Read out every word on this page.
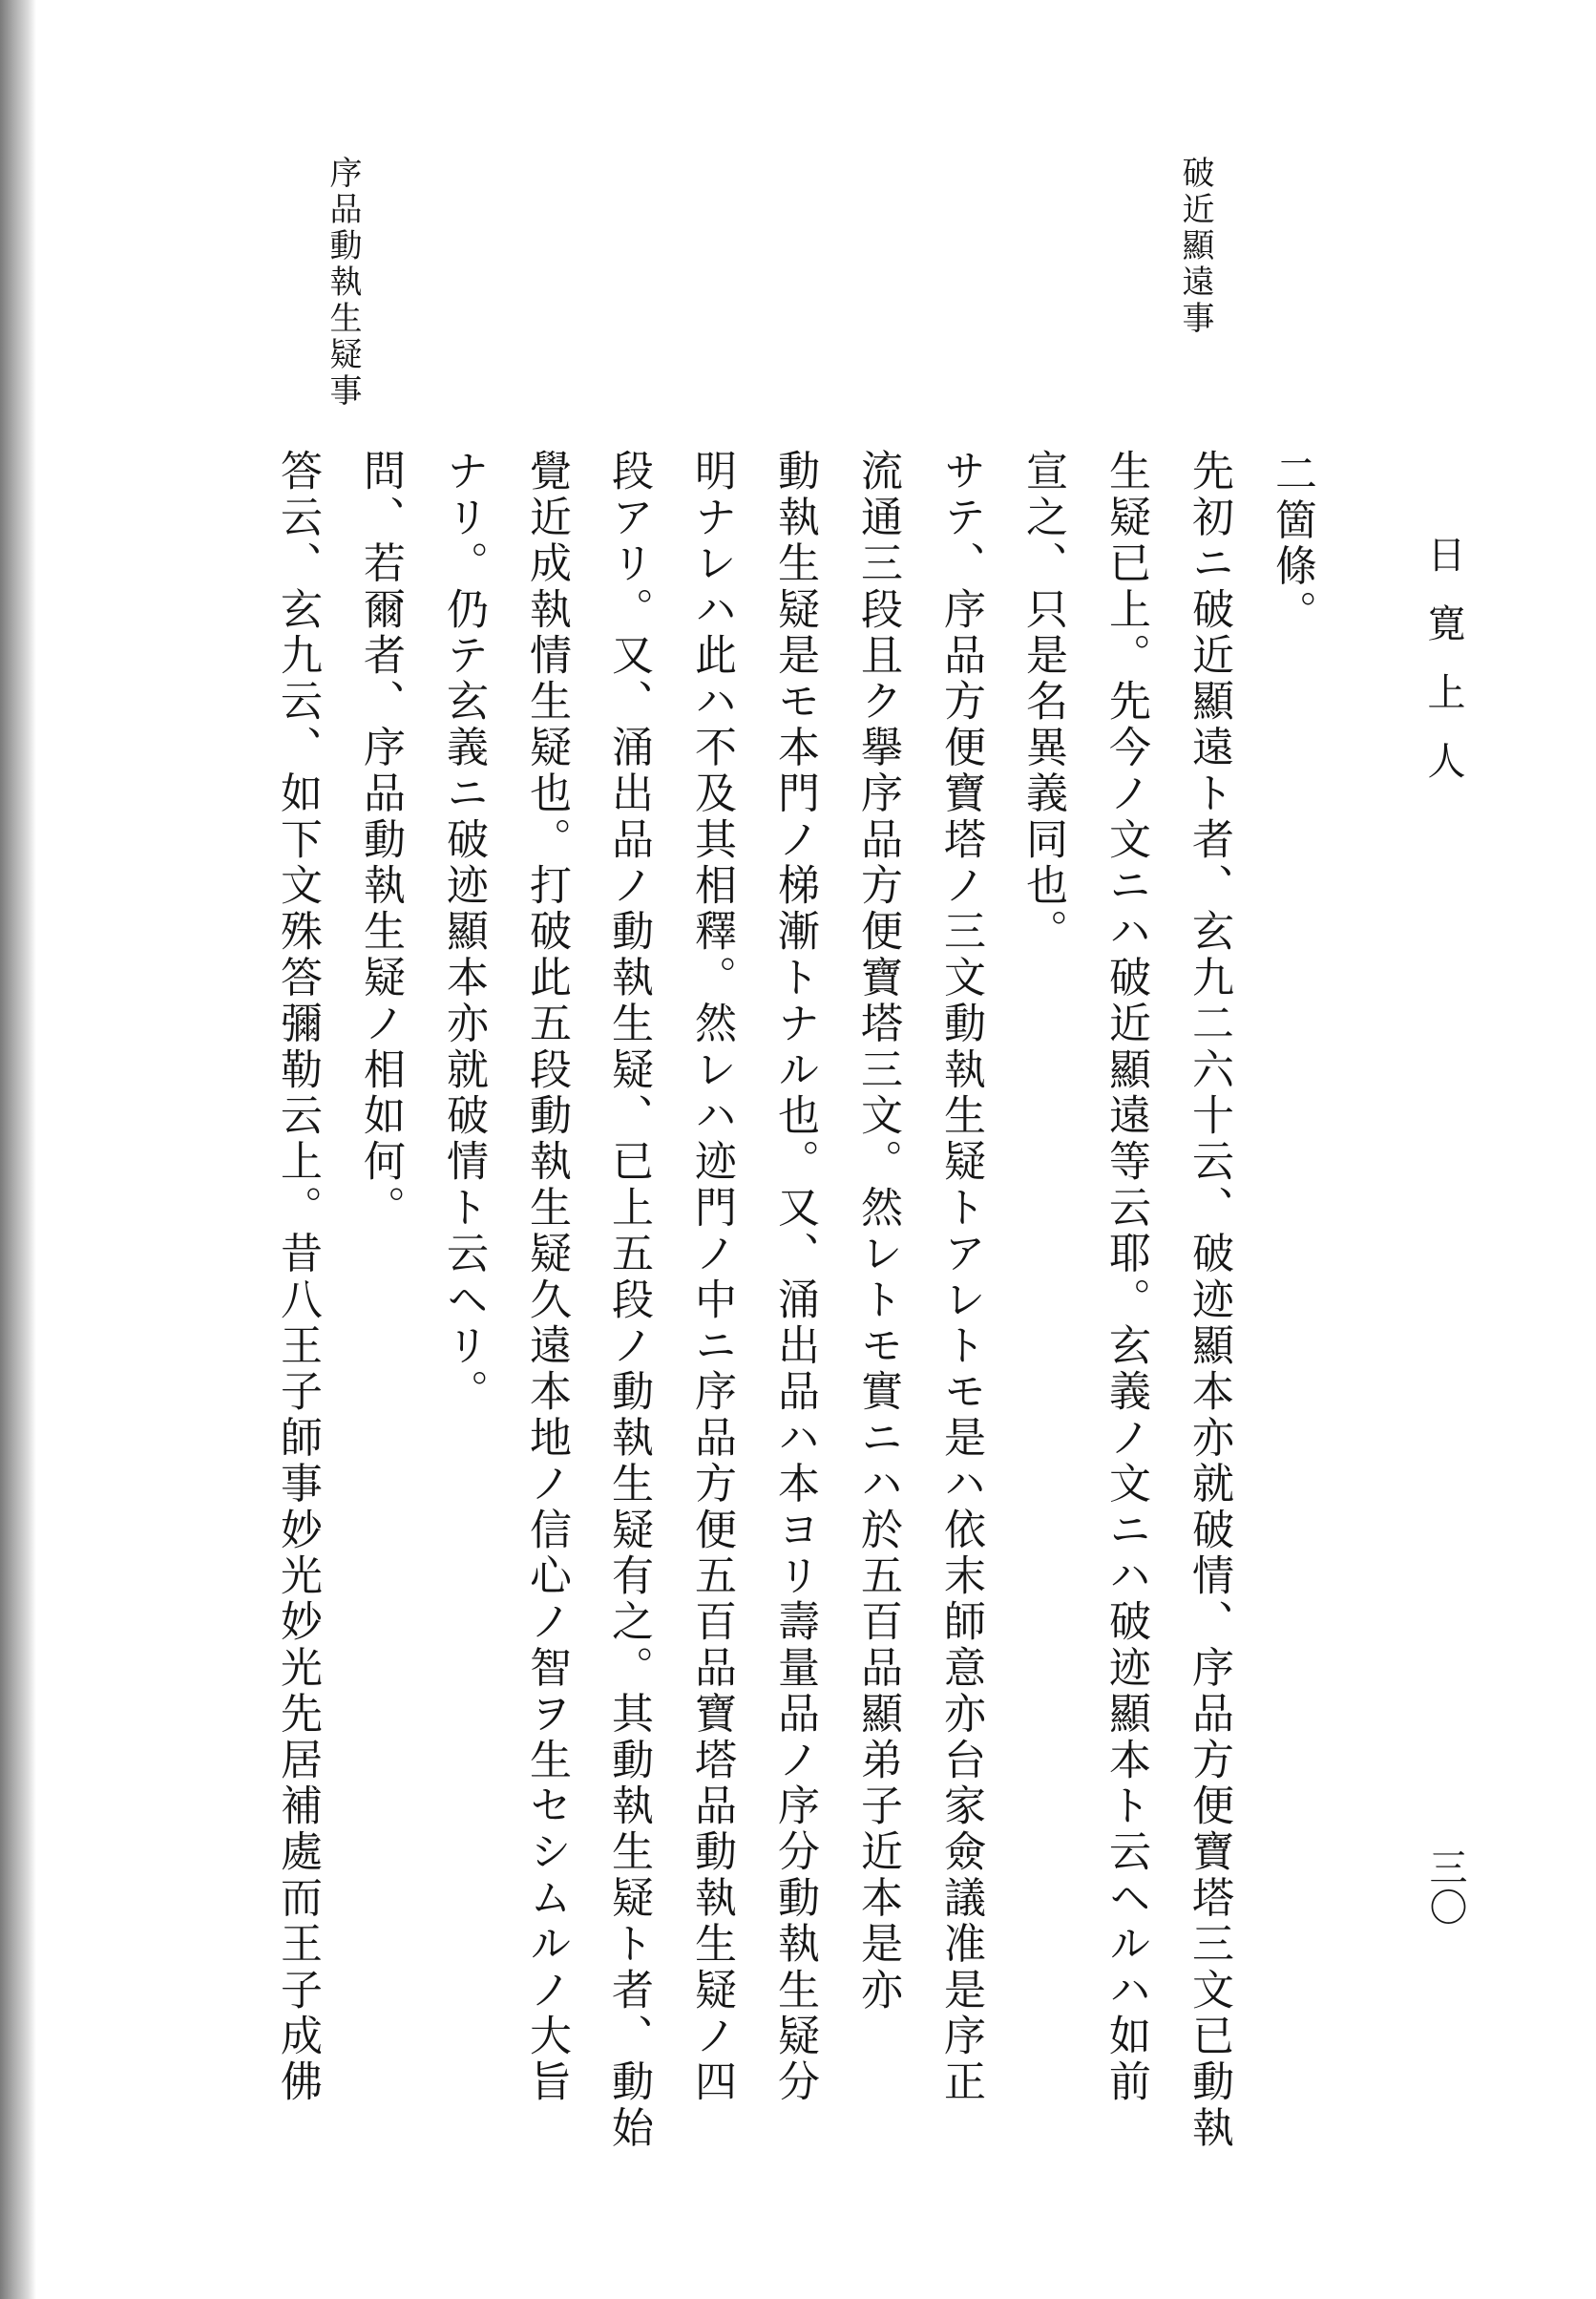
日寛上人
三〇
破近顯遠事
序品動執生疑事
二箇條。
先初ニ破近顯遠ト者、玄九二六十云、破迹顯本亦就破情、序品方便寶塔三文已動執
生疑已上。先今ノ文ニハ破近顯遠等云耶。玄義ノ文ニハ破迹顯本ト云ヘルハ如前
宣之、只是名異義同也。
サテ、序品方便寶塔ノ三文動執生疑トアレトモ是ハ依末師意亦台家僉議准是序正
流通三段且ク擧序品方便寶塔三文。然レトモ實ニハ於五百品顯弟子近本是亦
動執生疑是モ本門ノ梯漸トナル也。又、涌出品ハ本ヨリ壽量品ノ序分動執生疑分
明ナレハ此ハ不及其相釋。然レハ迹門ノ中ニ序品方便五百品寶塔品動執生疑ノ四
段アリ。又、涌出品ノ動執生疑、已上五段ノ動執生疑有之。其動執生疑ト者、動始
覺近成執情生疑也。打破此五段動執生疑久遠本地ノ信心ノ智ヲ生セシムルノ大旨
ナリ。仍テ玄義ニ破迹顯本亦就破情ト云ヘリ。
問、若爾者、序品動執生疑ノ相如何。
答云、玄九云、如下文殊答彌勒云上。昔八王子師事妙光妙光先居補處而王子成佛
